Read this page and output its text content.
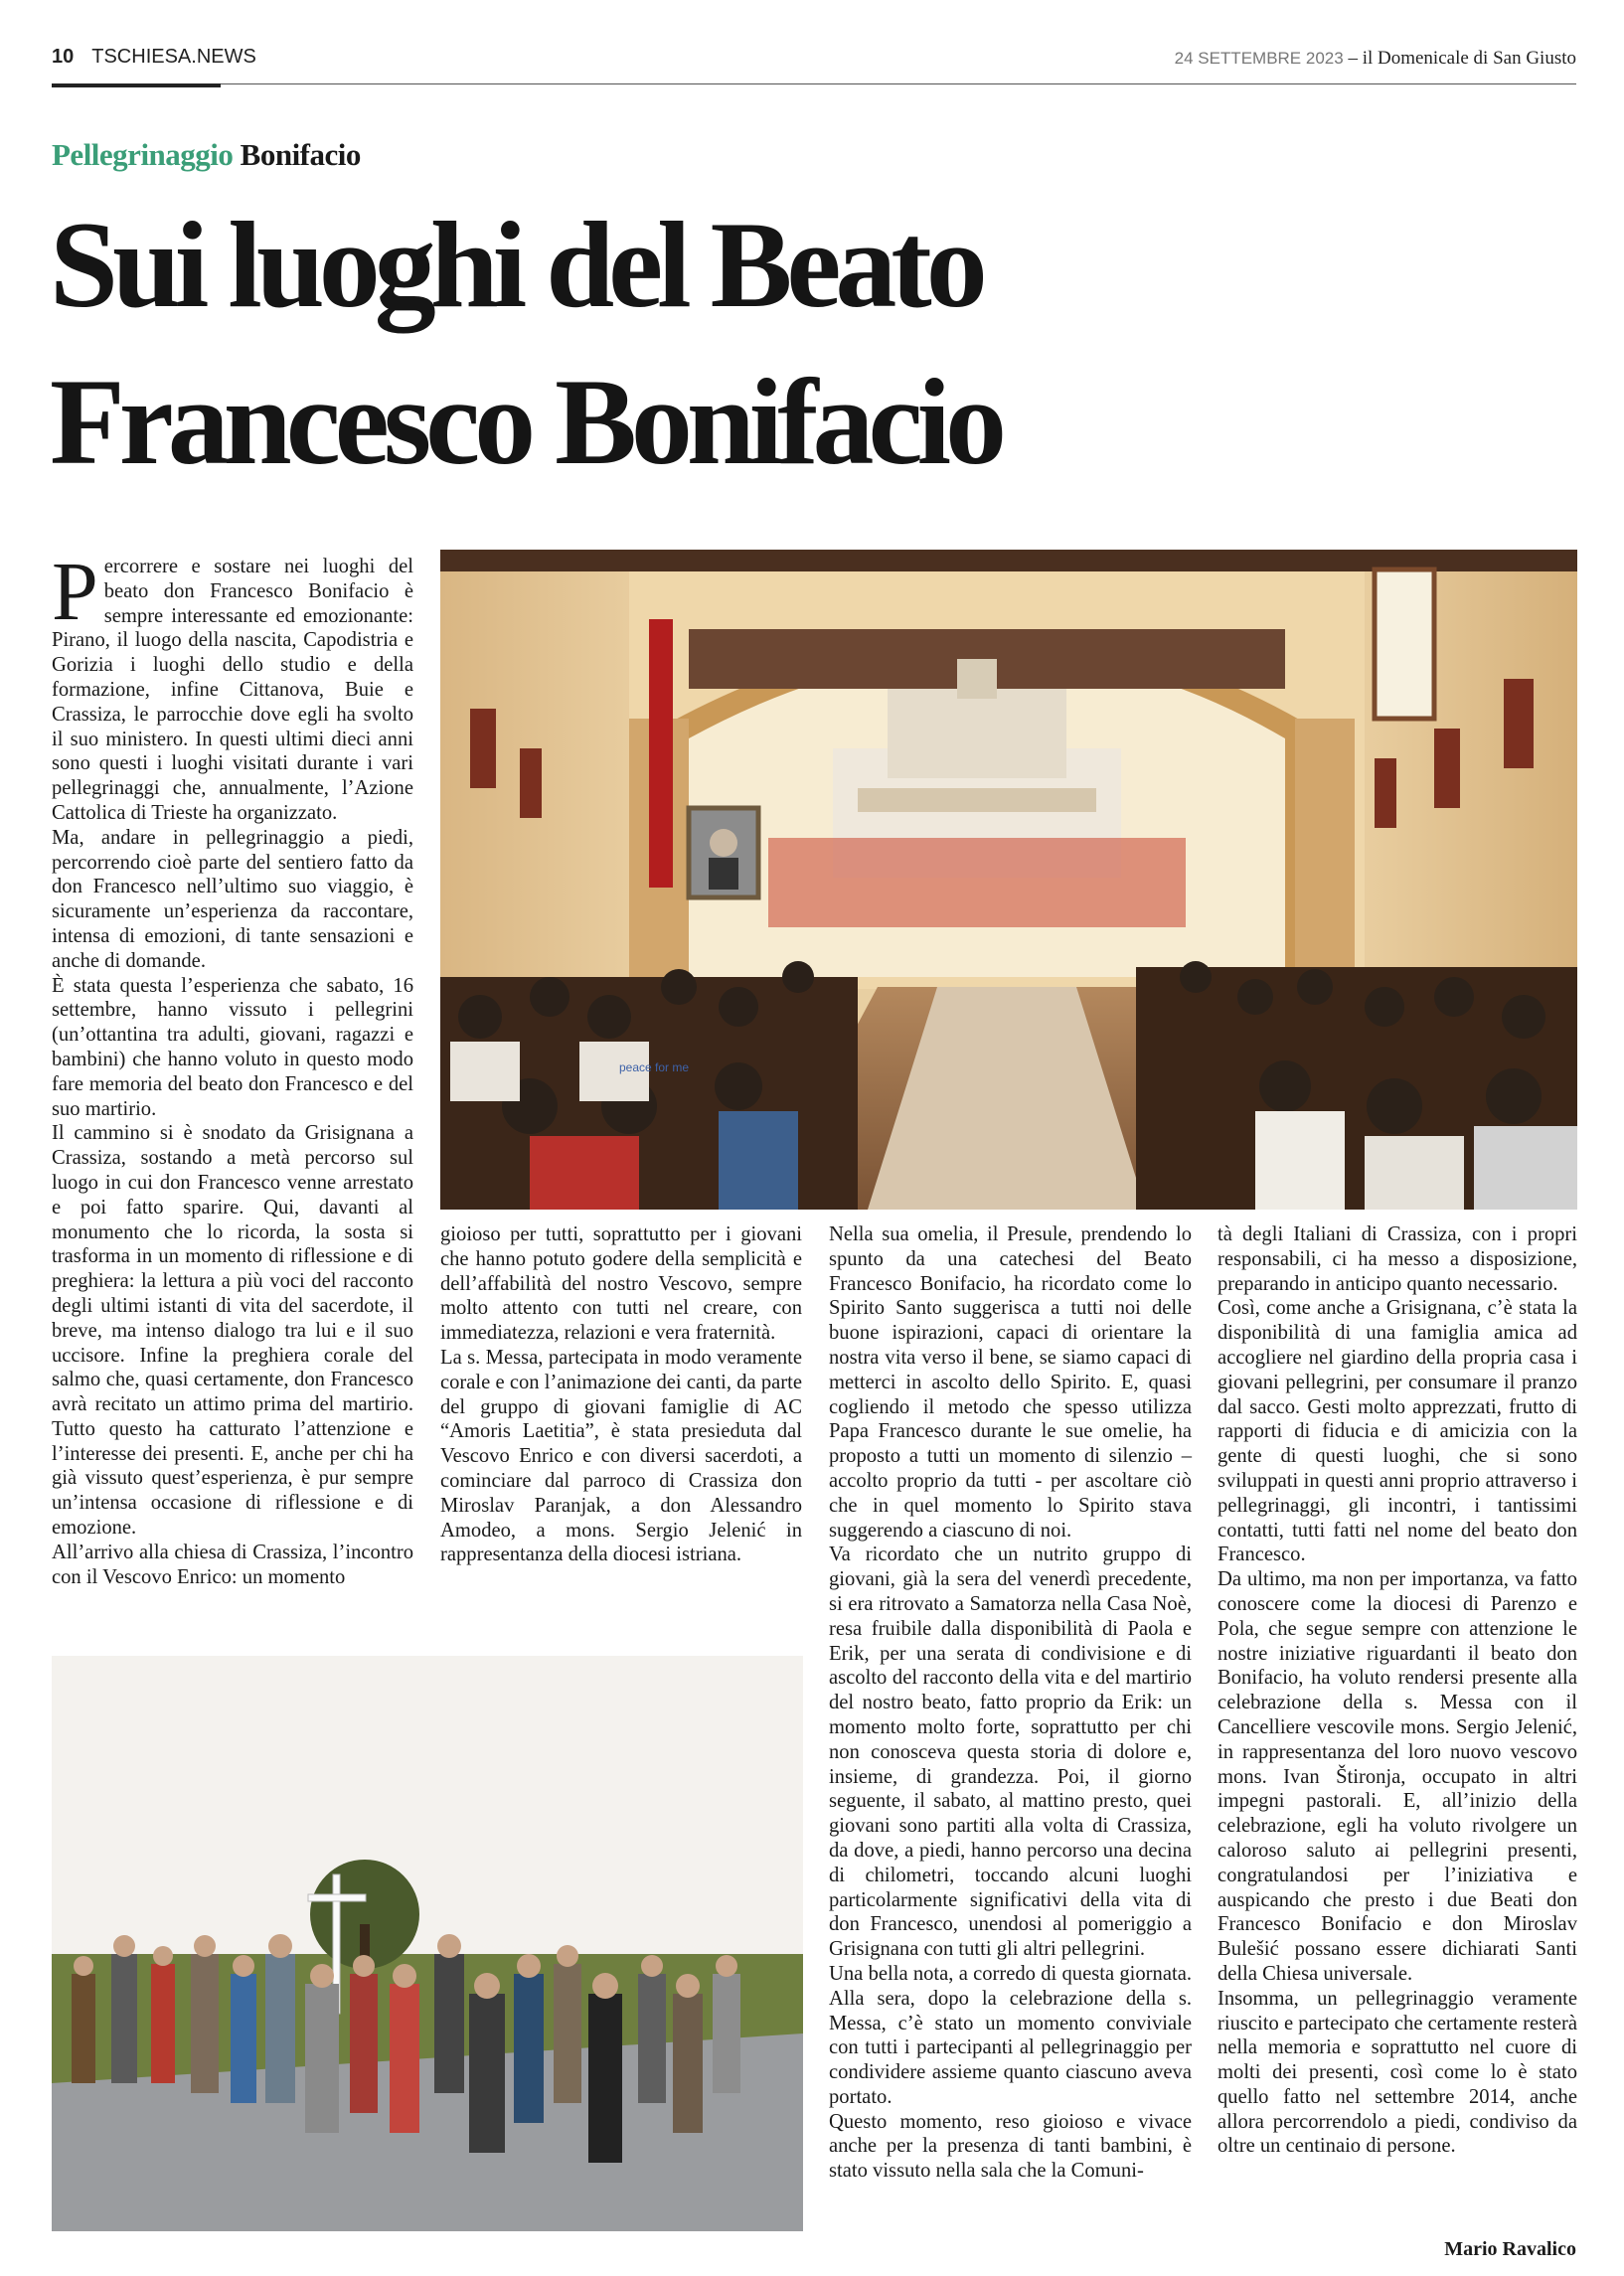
10 TSCHIESA.NEWS	24 SETTEMBRE 2023 – il Domenicale di San Giusto
Pellegrinaggio Bonifacio
Sui luoghi del Beato
Francesco Bonifacio

Percorrere e sostare nei luoghi del beato don Francesco Bonifacio è sempre interessante ed emozionante: Pirano, il luogo della nascita, Capodistria e Gorizia i luoghi dello studio e della formazione, infine Cittanova, Buie e Crassiza, le parrocchie dove egli ha svolto il suo ministero. In questi ultimi dieci anni sono questi i luoghi visitati durante i vari pellegrinaggi che, annualmente, l’Azione Cattolica di Trieste ha organizzato.

Ma, andare in pellegrinaggio a piedi, percorrendo cioè parte del sentiero fatto da don Francesco nell’ultimo suo viaggio, è sicuramente un’esperienza da raccontare, intensa di emozioni, di tante sensazioni e anche di domande.

È stata questa l’esperienza che sabato, 16 settembre, hanno vissuto i pellegrini (un’ottantina tra adulti, giovani, ragazzi e bambini) che hanno voluto in questo modo fare memoria del beato don Francesco e del suo martirio.

Il cammino si è snodato da Grisignana a Crassiza, sostando a metà percorso sul luogo in cui don Francesco venne arrestato e poi fatto sparire. Qui, davanti al monumento che lo ricorda, la sosta si trasforma in un momento di riflessione e di preghiera: la lettura a più voci del racconto degli ultimi istanti di vita del sacerdote, il breve, ma intenso dialogo tra lui e il suo uccisore. Infine la preghiera corale del salmo che, quasi certamente, don Francesco avrà recitato un attimo prima del martirio. Tutto questo ha catturato l’attenzione e l’interesse dei presenti. E, anche per chi ha già vissuto quest’esperienza, è pur sempre un’intensa occasione di riflessione e di emozione.

All’arrivo alla chiesa di Crassiza, l’incontro con il Vescovo Enrico: un momento

gioioso per tutti, soprattutto per i giovani che hanno potuto godere della semplicità e dell’affabilità del nostro Vescovo, sempre molto attento con tutti nel creare, con immediatezza, relazioni e vera fraternità.

La s. Messa, partecipata in modo veramente corale e con l’animazione dei canti, da parte del gruppo di giovani famiglie di AC “Amoris Laetitia”, è stata presieduta dal Vescovo Enrico e con diversi sacerdoti, a cominciare dal parroco di Crassiza don Miroslav Paranjak, a don Alessandro Amodeo, a mons. Sergio Jelenić in rappresentanza della diocesi istriana.

Nella sua omelia, il Presule, prendendo lo spunto da una catechesi del Beato Francesco Bonifacio, ha ricordato come lo Spirito Santo suggerisca a tutti noi delle buone ispirazioni, capaci di orientare la nostra vita verso il bene, se siamo capaci di metterci in ascolto dello Spirito. E, quasi cogliendo il metodo che spesso utilizza Papa Francesco durante le sue omelie, ha proposto a tutti un momento di silenzio – accolto proprio da tutti - per ascoltare ciò che in quel momento lo Spirito stava suggerendo a ciascuno di noi.

Va ricordato che un nutrito gruppo di giovani, già la sera del venerdì precedente, si era ritrovato a Samatorza nella Casa Noè, resa fruibile dalla disponibilità di Paola e Erik, per una serata di condivisione e di ascolto del racconto della vita e del martirio del nostro beato, fatto proprio da Erik: un momento molto forte, soprattutto per chi non conosceva questa storia di dolore e, insieme, di grandezza. Poi, il giorno seguente, il sabato, al mattino presto, quei giovani sono partiti alla volta di Crassiza, da dove, a piedi, hanno percorso una decina di chilometri, toccando alcuni luoghi particolarmente significativi della vita di don Francesco, unendosi al pomeriggio a Grisignana con tutti gli altri pellegrini.

Una bella nota, a corredo di questa giornata. Alla sera, dopo la celebrazione della s. Messa, c’è stato un momento conviviale con tutti i partecipanti al pellegrinaggio per condividere assieme quanto ciascuno aveva portato.

Questo momento, reso gioioso e vivace anche per la presenza di tanti bambini, è stato vissuto nella sala che la Comuni-

tà degli Italiani di Crassiza, con i propri responsabili, ci ha messo a disposizione, preparando in anticipo quanto necessario.

Così, come anche a Grisignana, c’è stata la disponibilità di una famiglia amica ad accogliere nel giardino della propria casa i giovani pellegrini, per consumare il pranzo dal sacco. Gesti molto apprezzati, frutto di rapporti di fiducia e di amicizia con la gente di questi luoghi, che si sono sviluppati in questi anni proprio attraverso i pellegrinaggi, gli incontri, i tantissimi contatti, tutti fatti nel nome del beato don Francesco.

Da ultimo, ma non per importanza, va fatto conoscere come la diocesi di Parenzo e Pola, che segue sempre con attenzione le nostre iniziative riguardanti il beato don Bonifacio, ha voluto rendersi presente alla celebrazione della s. Messa con il Cancelliere vescovile mons. Sergio Jelenić, in rappresentanza del loro nuovo vescovo mons. Ivan Štironja, occupato in altri impegni pastorali. E, all’inizio della celebrazione, egli ha voluto rivolgere un caloroso saluto ai pellegrini presenti, congratulandosi per l’iniziativa e auspicando che presto i due Beati don Francesco Bonifacio e don Miroslav Bulešić possano essere dichiarati Santi della Chiesa universale.

Insomma, un pellegrinaggio veramente riuscito e partecipato che certamente resterà nella memoria e soprattutto nel cuore di molti dei presenti, così come lo è stato quello fatto nel settembre 2014, anche allora percorrendolo a piedi, condiviso da oltre un centinaio di persone.

Mario Ravalico
peace for me
